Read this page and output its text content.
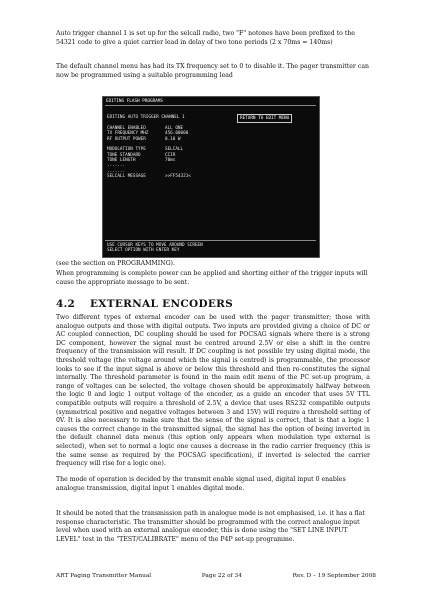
Auto trigger channel 1 is set up for the selcall radio, two "F" notones have been prefixed to the 54321 code to give a quiet carrier lead in delay of two tone periods (2 x 70ms = 140ms)
The default channel menu has had its TX frequency set to 0 to disable it. The pager transmitter can now be programmed using a suitable programming lead
EDITING FLASH PROGRAMS
EDITING AUTO TRIGGER CHANNEL 1	RETURN TO EDIT MENU
CHANNEL ENABLED	ALL ONE
TX FREQUENCY MHZ	456.00000
RF OUTPUT POWER	0.10 W
MODULATION TYPE	SELCALL
TONE STANDARD	CCIR
TONE LENGTH	70ms
.......
.......
SELCALL MESSAGE	>>FF54321<
USE CURSOR KEYS TO MOVE AROUND SCREEN
SELECT OPTION WITH ENTER KEY
(see the section on PROGRAMMING).
When programming is complete power can be applied and shorting either of the trigger inputs will cause the appropriate message to be sent.
4.2 EXTERNAL ENCODERS
Two different types of external encoder can be used with the pager transmitter; those with analogue outputs and those with digital outputs. Two inputs are provided giving a choice of DC or AC coupled connection, DC coupling should be used for POCSAG signals where there is a strong DC component, however the signal must be centred around 2.5V or else a shift in the centre frequency of the transmission will result. If DC coupling is not possible try using digital mode, the threshold voltage (the voltage around which the signal is centred) is programmable, the processor looks to see if the input signal is above or below this threshold and then re-constitutes the signal internally. The threshold parameter is found in the main edit menu of the PC set-up program, a range of voltages can be selected, the voltage chosen should be approximately halfway between the logic 0 and logic 1 output voltage of the encoder, as a guide an encoder that uses 5V TTL compatible outputs will require a threshold of 2.5V, a device that uses RS232 compatible outputs (symmetrical positive and negative voltages between 3 and 15V) will require a threshold setting of 0V. It is also necessary to make sure that the sense of the signal is correct, that is that a logic 1 causes the correct change in the transmitted signal, the signal has the option of being inverted in the default channel data menus (this option only appears when modulation type external is selected), when set to normal a logic one causes a decrease in the radio carrier frequency (this is the same sense as required by the POCSAG specification), if inverted is selected the carrier frequency will rise for a logic one).
The mode of operation is decided by the transmit enable signal used, digital input 0 enables analogue transmission, digital input 1 enables digital mode.
It should be noted that the transmission path in analogue mode is not emphasised, i.e. it has a flat response characteristic. The transmitter should be programmed with the correct analogue input level when used with an external analogue encoder, this is done using the "SET LINE INPUT LEVEL" test in the "TEST/CALIBRATE" menu of the P4P set-up programme.
ART Paging Transmitter Manual	Page 22 of 34	Rev. D – 19 September 2008
